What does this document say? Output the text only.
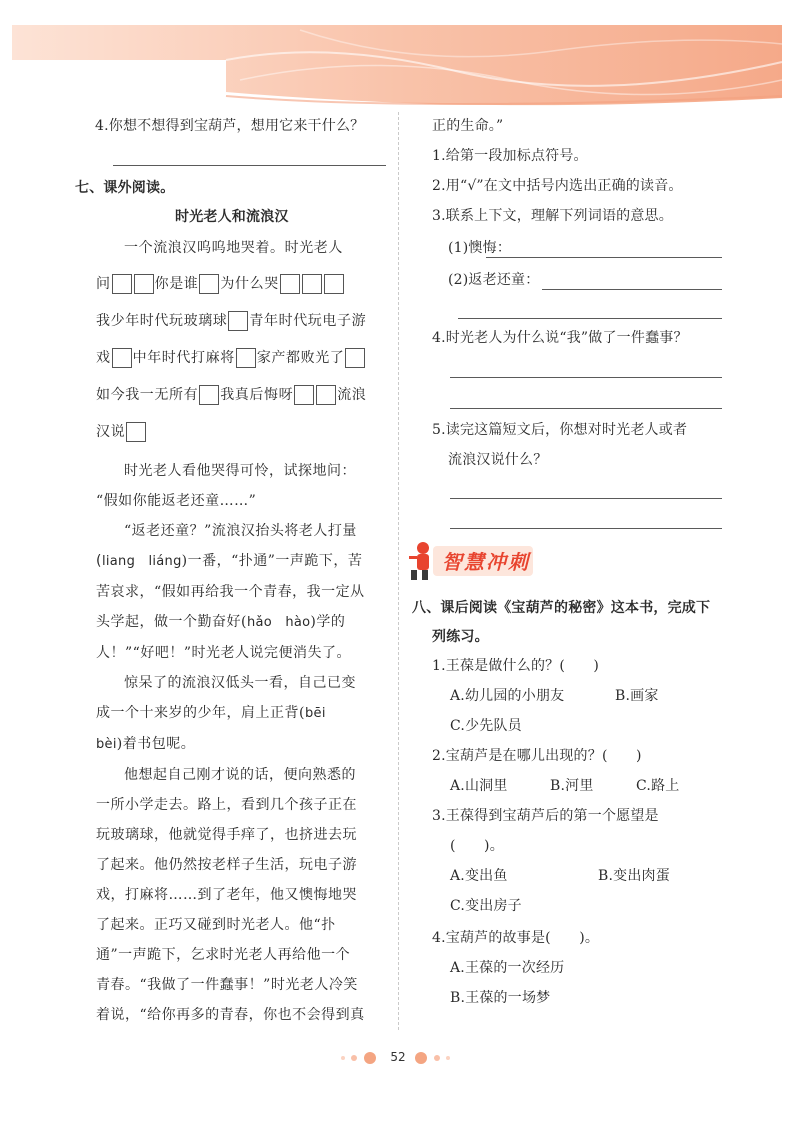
4.你想不想得到宝葫芦，想用它来干什么？
七、课外阅读。
时光老人和流浪汉
一个流浪汉呜呜地哭着。时光老人
问	你是谁 为什么哭
我少年时代玩玻璃球 青年时代玩电子游
戏 中年时代打麻将 家产都败光了
如今我一无所有 我真后悔呀	流浪
汉说
时光老人看他哭得可怜，试探地问：
“假如你能返老还童……”
“返老还童？”流浪汉抬头将老人打量
(liang　liáng)一番，“扑通”一声跪下，苦
苦哀求，“假如再给我一个青春，我一定从
头学起，做一个勤奋好(hǎo　hào)学的
人！”“好吧！”时光老人说完便消失了。
惊呆了的流浪汉低头一看，自己已变
成一个十来岁的少年，肩上正背(bēi
bèi)着书包呢。
他想起自己刚才说的话，便向熟悉的
一所小学走去。路上，看到几个孩子正在
玩玻璃球，他就觉得手痒了，也挤进去玩
了起来。他仍然按老样子生活，玩电子游
戏，打麻将……到了老年，他又懊悔地哭
了起来。正巧又碰到时光老人。他“扑
通”一声跪下，乞求时光老人再给他一个
青春。“我做了一件蠢事！”时光老人冷笑
着说，“给你再多的青春，你也不会得到真
正的生命。”
1.给第一段加标点符号。
2.用“√”在文中括号内选出正确的读音。
3.联系上下文，理解下列词语的意思。
(1)懊悔：
(2)返老还童：
4.时光老人为什么说“我”做了一件蠢事？
5.读完这篇短文后，你想对时光老人或者
流浪汉说什么？
智慧冲刺
八、课后阅读《宝葫芦的秘密》这本书，完成下
列练习。
1.王葆是做什么的？(　　)
A.幼儿园的小朋友	B.画家
C.少先队员
2.宝葫芦是在哪儿出现的？(　　)
A.山洞里	B.河里	C.路上
3.王葆得到宝葫芦后的第一个愿望是
(　　)。
A.变出鱼	B.变出肉蛋
C.变出房子
4.宝葫芦的故事是(　　)。
A.王葆的一次经历
B.王葆的一场梦
52
